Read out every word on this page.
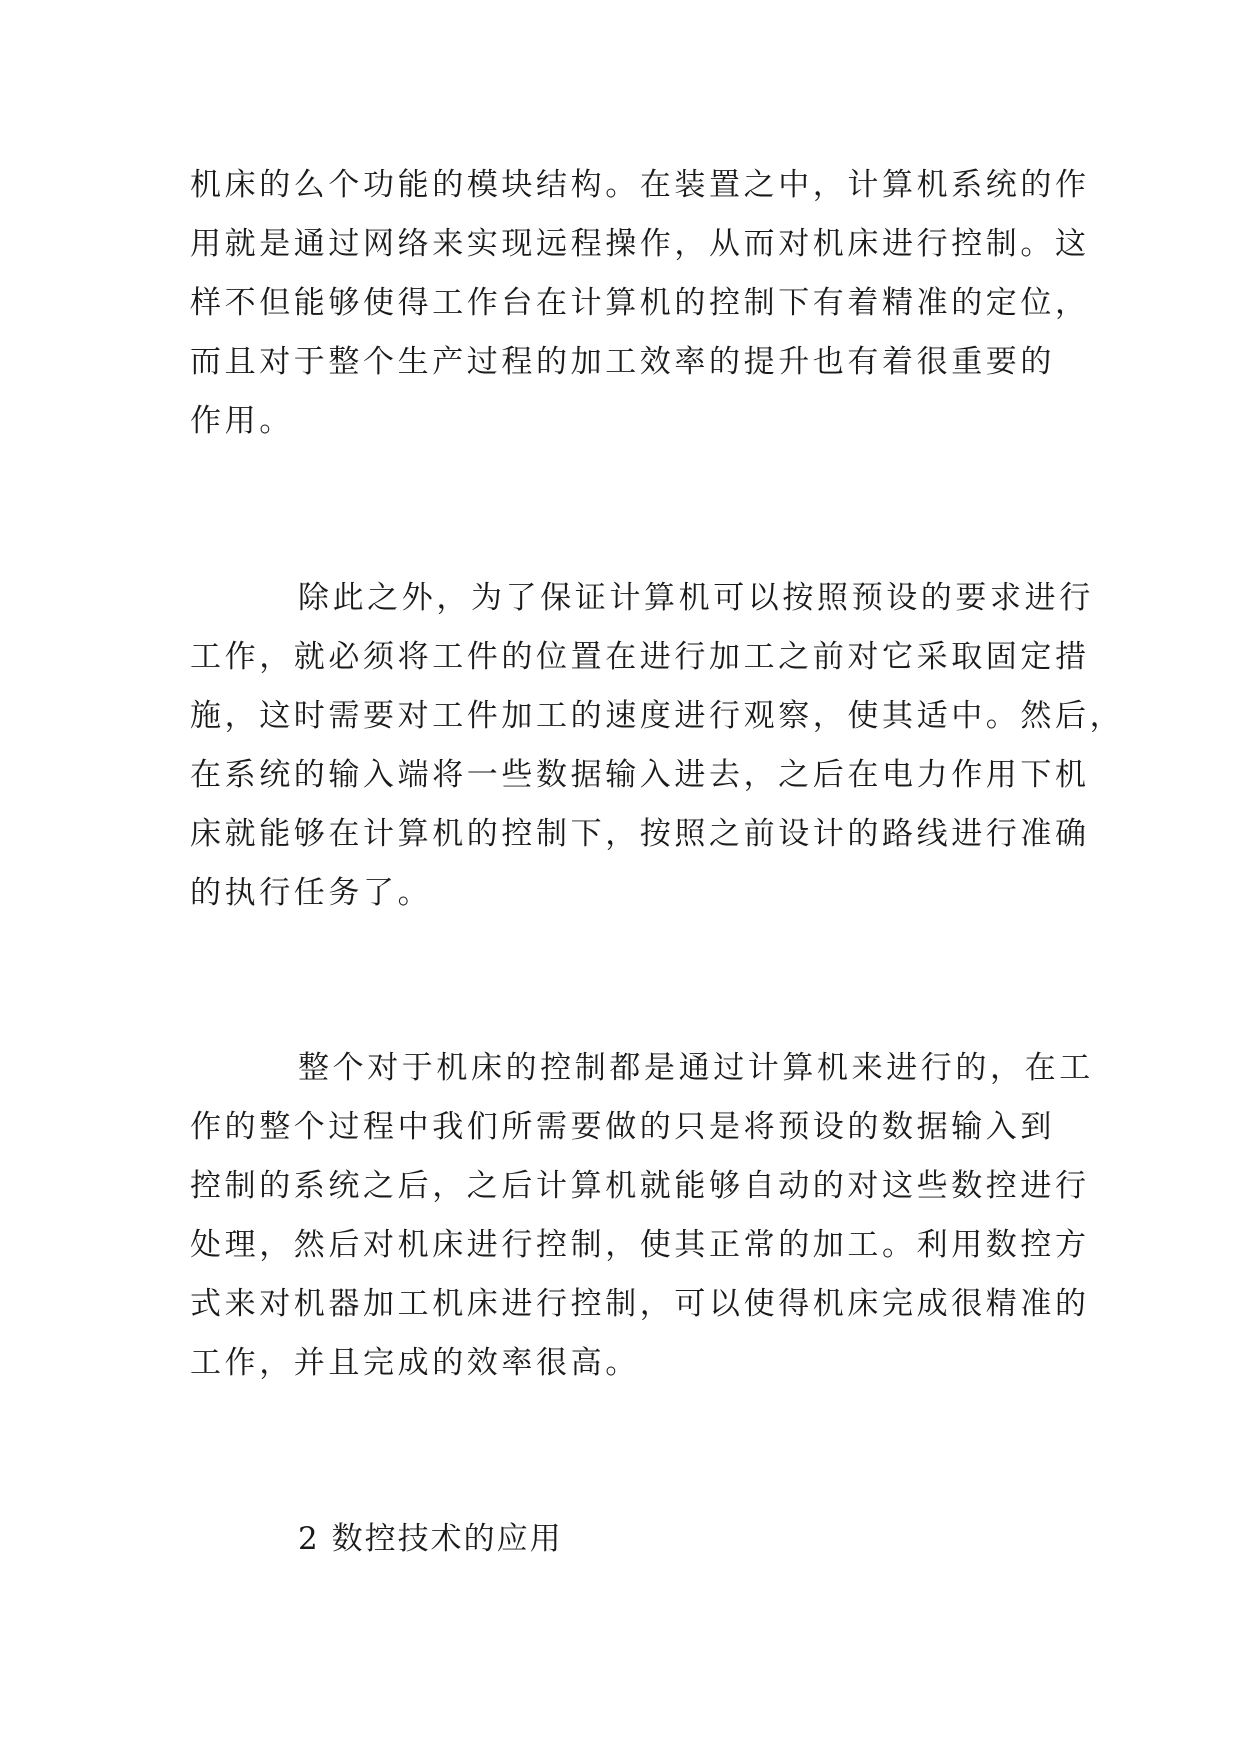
机床的么个功能的模块结构。在装置之中，计算机系统的作
用就是通过网络来实现远程操作，从而对机床进行控制。这
样不但能够使得工作台在计算机的控制下有着精准的定位，
而且对于整个生产过程的加工效率的提升也有着很重要的
作用。
除此之外，为了保证计算机可以按照预设的要求进行
工作，就必须将工件的位置在进行加工之前对它采取固定措
施，这时需要对工件加工的速度进行观察，使其适中。然后，
在系统的输入端将一些数据输入进去，之后在电力作用下机
床就能够在计算机的控制下，按照之前设计的路线进行准确
的执行任务了。
整个对于机床的控制都是通过计算机来进行的，在工
作的整个过程中我们所需要做的只是将预设的数据输入到
控制的系统之后，之后计算机就能够自动的对这些数控进行
处理，然后对机床进行控制，使其正常的加工。利用数控方
式来对机器加工机床进行控制，可以使得机床完成很精准的
工作，并且完成的效率很高。
2 数控技术的应用
